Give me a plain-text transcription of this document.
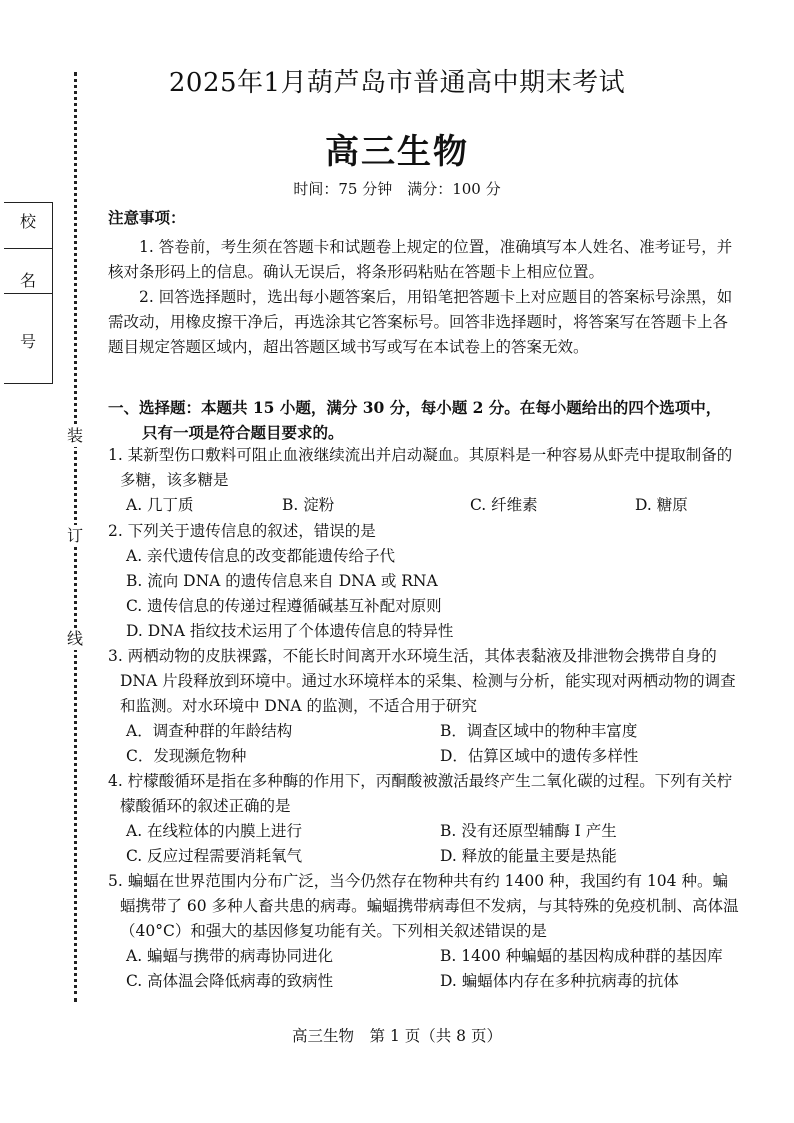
装
订
线
校
名
号
2025年1月葫芦岛市普通高中期末考试
高三生物
时间：75 分钟　满分：100 分
注意事项：

1. 答卷前，考生须在答题卡和试题卷上规定的位置，准确填写本人姓名、准考证号，并核对条形码上的信息。确认无误后，将条形码粘贴在答题卡上相应位置。

2. 回答选择题时，选出每小题答案后，用铅笔把答题卡上对应题目的答案标号涂黑，如需改动，用橡皮擦干净后，再选涂其它答案标号。回答非选择题时，将答案写在答题卡上各题目规定答题区域内，超出答题区域书写或写在本试卷上的答案无效。

一、选择题：本题共 15 小题，满分 30 分，每小题 2 分。在每小题给出的四个选项中，
只有一项是符合题目要求的。

1. 某新型伤口敷料可阻止血液继续流出并启动凝血。其原料是一种容易从虾壳中提取制备的多糖，该多糖是

A. 几丁质	B. 淀粉	C. 纤维素	D. 糖原

2. 下列关于遗传信息的叙述，错误的是

A. 亲代遗传信息的改变都能遗传给子代
B. 流向 DNA 的遗传信息来自 DNA 或 RNA
C. 遗传信息的传递过程遵循碱基互补配对原则
D. DNA 指纹技术运用了个体遗传信息的特异性

3. 两栖动物的皮肤裸露，不能长时间离开水环境生活，其体表黏液及排泄物会携带自身的 DNA 片段释放到环境中。通过水环境样本的采集、检测与分析，能实现对两栖动物的调查和监测。对水环境中 DNA 的监测，不适合用于研究

A．调查种群的年龄结构	B．调查区域中的物种丰富度
C．发现濒危物种	D．估算区域中的遗传多样性

4. 柠檬酸循环是指在多种酶的作用下，丙酮酸被激活最终产生二氧化碳的过程。下列有关柠檬酸循环的叙述正确的是

A. 在线粒体的内膜上进行	B. 没有还原型辅酶 I 产生
C. 反应过程需要消耗氧气	D. 释放的能量主要是热能

5. 蝙蝠在世界范围内分布广泛，当今仍然存在物种共有约 1400 种，我国约有 104 种。蝙蝠携带了 60 多种人畜共患的病毒。蝙蝠携带病毒但不发病，与其特殊的免疫机制、高体温（40°C）和强大的基因修复功能有关。下列相关叙述错误的是

A. 蝙蝠与携带的病毒协同进化	B. 1400 种蝙蝠的基因构成种群的基因库
C. 高体温会降低病毒的致病性	D. 蝙蝠体内存在多种抗病毒的抗体
高三生物　第 1 页（共 8 页）
